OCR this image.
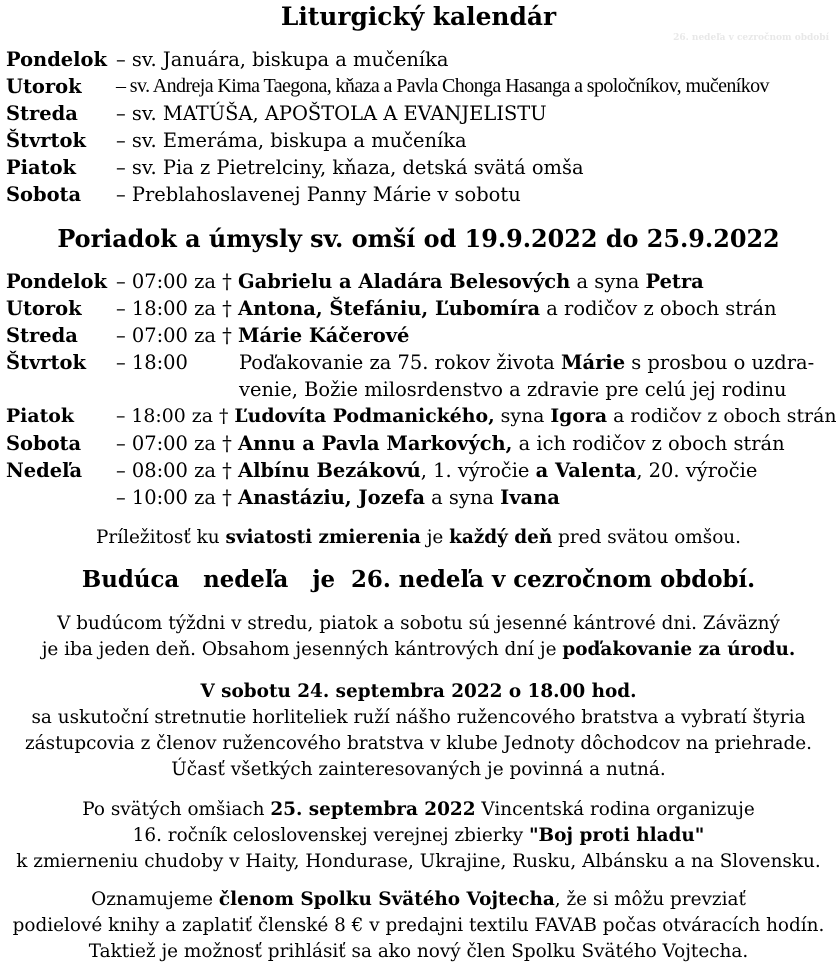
Liturgický kalendár
26. nedeľa v cezročnom období
Pondelok – sv. Januára, biskupa a mučeníka
Utorok – sv. Andreja Kima Taegona, kňaza a Pavla Chonga Hasanga a spoločníkov, mučeníkov
Streda – sv. MATÚŠA, APOŠTOLA A EVANJELISTU
Štvrtok – sv. Emeráma, biskupa a mučeníka
Piatok – sv. Pia z Pietrelciny, kňaza, detská svätá omša
Sobota – Preblahoslavenej Panny Márie v sobotu
Poriadok a úmysly sv. omší od 19.9.2022 do 25.9.2022
Pondelok – 07:00 za † Gabrielu a Aladára Belesových a syna Petra
Utorok – 18:00 za † Antona, Štefániu, Ľubomíra a rodičov z oboch strán
Streda – 07:00 za † Márie Káčerové
Štvrtok – 18:00	Poďakovanie za 75. rokov života Márie s prosbou o uzdra-
venie, Božie milosrdenstvo a zdravie pre celú jej rodinu
Piatok – 18:00 za † Ľudovíta Podmanického, syna Igora a rodičov z oboch strán
Sobota – 07:00 za † Annu a Pavla Markových, a ich rodičov z oboch strán
Nedeľa – 08:00 za † Albínu Bezákovú, 1. výročie a Valenta, 20. výročie
– 10:00 za † Anastáziu, Jozefa a syna Ivana
Príležitosť ku sviatosti zmierenia je každý deň pred svätou omšou.
Budúca   nedeľa   je  26. nedeľa v cezročnom období.
V budúcom týždni v stredu, piatok a sobotu sú jesenné kántrové dni. Záväzný
je iba jeden deň. Obsahom jesenných kántrových dní je poďakovanie za úrodu.
V sobotu 24. septembra 2022 o 18.00 hod.
sa uskutoční stretnutie horliteliek ruží nášho ružencového bratstva a vybratí štyria
zástupcovia z členov ružencového bratstva v klube Jednoty dôchodcov na priehrade.
Účasť všetkých zainteresovaných je povinná a nutná.
Po svätých omšiach 25. septembra 2022 Vincentská rodina organizuje
16. ročník celoslovenskej verejnej zbierky "Boj proti hladu"
k zmierneniu chudoby v Haity, Hondurase, Ukrajine, Rusku, Albánsku a na Slovensku.
Oznamujeme členom Spolku Svätého Vojtecha, že si môžu prevziať
podielové knihy a zaplatiť členské 8 € v predajni textilu FAVAB počas otváracích hodín.
Taktiež je možnosť prihlásiť sa ako nový člen Spolku Svätého Vojtecha.
